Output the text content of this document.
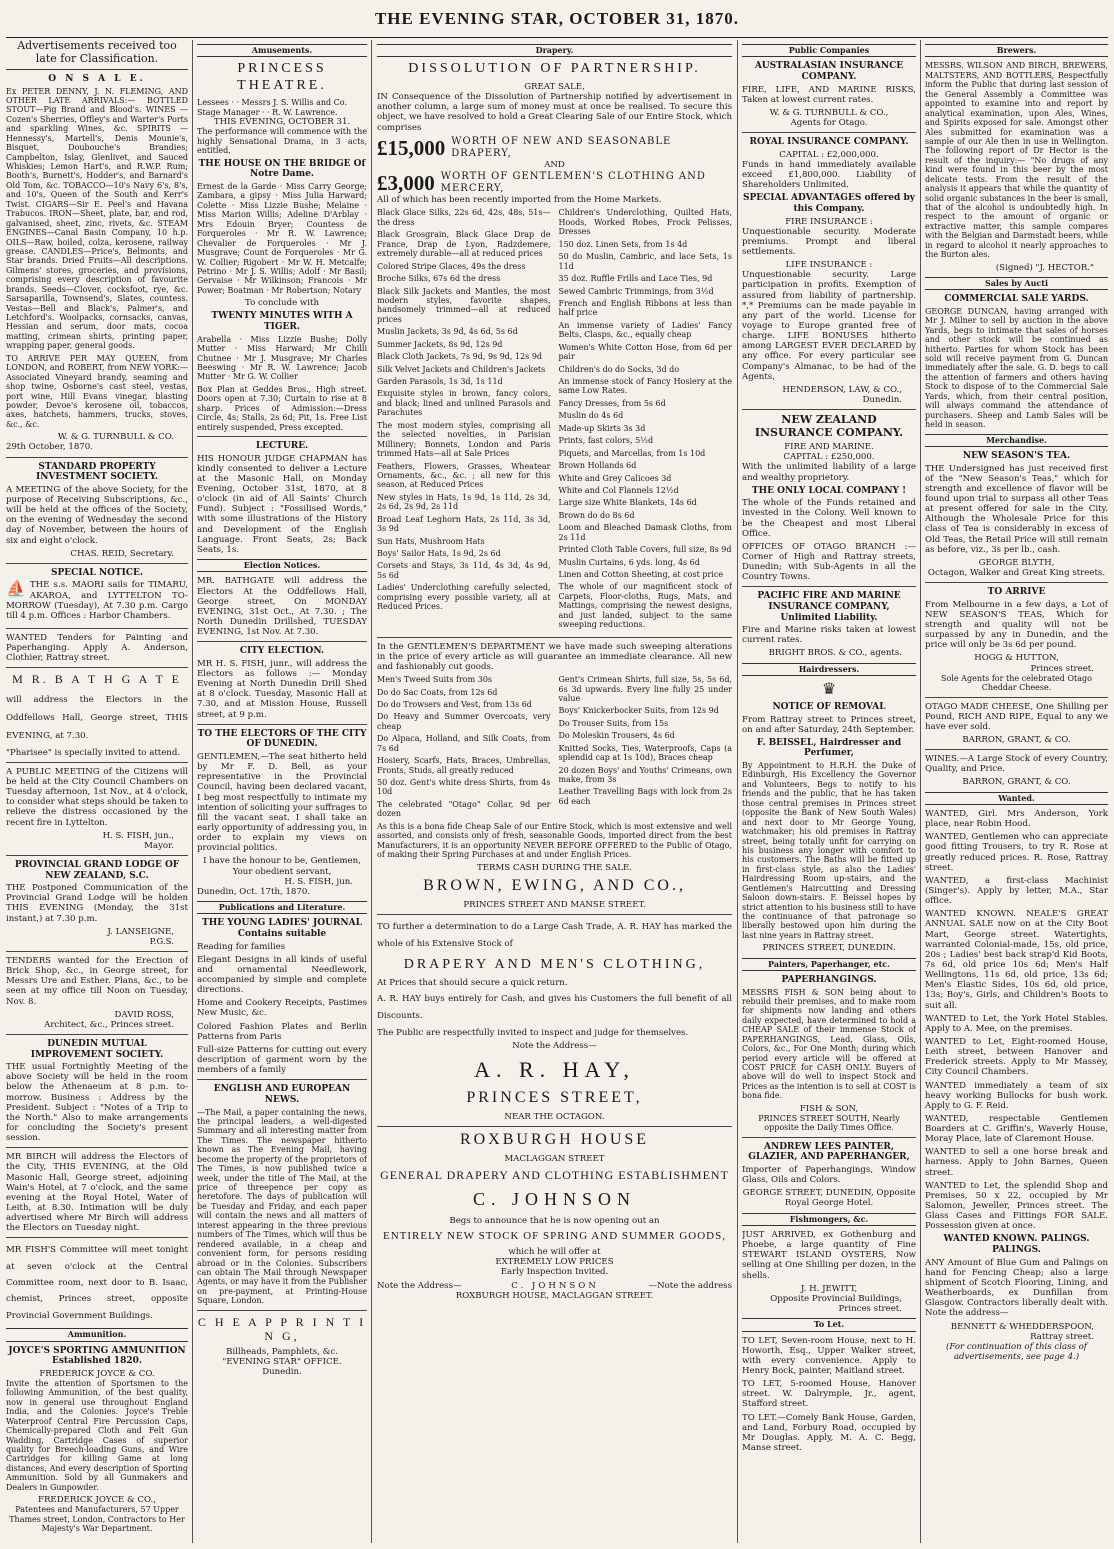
THE EVENING STAR, OCTOBER 31, 1870.
Advertisements received too late for Classification.
O N S A L E.

Ex PETER DENNY, J. N. FLEMING, AND OTHER LATE ARRIVALS:— BOTTLED STOUT—Pig Brand and Blood's. WINES — Cozen's Sherries, Offley's and Warter's Ports and sparkling Wines, &c. SPIRITS — Hennessy's, Martell's, Denis Mounie's, Bisquet, Doubouche's Brandies; Campbelton, Islay, Glenlivet, and Sauced Whiskies; Lemon Hart's, and R.W.P. Rum; Booth's, Burnett's, Hodder's, and Barnard's Old Tom, &c. TOBACCO—10's Navy 6's, 8's, and 10's, Queen of the South and Kerr's Twist. CIGARS—Sir E. Peel's and Havana Trabucos. IRON—Sheet, plate, bar, and rod, galvanised, sheet, zinc, rivets, &c. STEAM ENGINES—Canal Basin Company, 10 h.p. OILS—Raw, boiled, colza, kerosene, railway grease. CANDLES—Price's, Belmonts, and Star brands. Dried Fruits—All descriptions. Gilmens' stores, groceries, and provisions, comprising every description of favourite brands. Seeds—Clover, cocksfoot, rye, &c. Sarsaparilla, Townsend's, Slates, countess. Vestas—Bell and Black's, Palmer's, and Letchford's. Woolpacks, cornsacks, canvas, Hessian and serum, door mats, cocoa matting, crimean shirts, printing paper, wrapping paper, general goods.

TO ARRIVE PER MAY QUEEN, from LONDON, and ROBERT, from NEW YORK:— Associated Vineyard brandy, seaming and shop twine, Osborne's cast steel, vestas, port wine, Hill Evans vinegar, blasting powder, Devoe's kerosene oil, tobaccos, axes, hatchets, hammers, trucks, stoves, &c., &c.

W. & G. TURNBULL & CO.
29th October, 1870.
STANDARD PROPERTY INVESTMENT SOCIETY.

A MEETING of the above Society, for the purpose of Receiving Subscriptions, &c., will be held at the offices of the Society, on the evening of Wednesday the second day of November, between the hours of six and eight o'clock.

CHAS. REID, Secretary.
SPECIAL NOTICE.

⛵ THE s.s. MAORI sails for TIMARU, AKAROA, and LYTTELTON TO-MORROW (Tuesday), At 7.30 p.m. Cargo till 4 p.m. Offices : Harbor Chambers.

WANTED Tenders for Painting and Paperhanging. Apply A. Anderson, Clothier, Rattray street.

M R. B A T H G A T E

will address the Electors in the Oddfellows Hall, George street, THIS EVENING, at 7.30.

"Pharisee" is specially invited to attend.

A PUBLIC MEETING of the Citizens will be held at the City Council Chambers on Tuesday afternoon, 1st Nov., at 4 o'clock, to consider what steps should be taken to relieve the distress occasioned by the recent fire in Lyttelton.

H. S. FISH, jun.,
Mayor.
PROVINCIAL GRAND LODGE OF NEW ZEALAND, S.C.

THE Postponed Communication of the Provincial Grand Lodge will be holden THIS EVENING (Monday, the 31st instant,) at 7.30 p.m.

J. LANSEIGNE,
P.G.S.

TENDERS wanted for the Erection of Brick Shop, &c., in George street, for Messrs Ure and Esther. Plans, &c., to be seen at my office till Noon on Tuesday, Nov. 8.

DAVID ROSS,
Architect, &c., Princes street.
DUNEDIN MUTUAL IMPROVEMENT SOCIETY.

THE usual Fortnightly Meeting of the above Society will be held in the room below the Athenaeum at 8 p.m. to-morrow. Business : Address by the President. Subject : "Notes of a Trip to the North." Also to make arrangements for concluding the Society's present session.

MR BIRCH will address the Electors of the City, THIS EVENING, at the Old Masonic Hall, George street, adjoining Wain's Hotel, at 7 o'clock, and the same evening at the Royal Hotel, Water of Leith, at 8.30. Intimation will be duly advertised where Mr Birch will address the Electors on Tuesday night.

MR FISH'S Committee will meet tonight at seven o'clock at the Central Committee room, next door to B. Isaac, chemist, Princes street, opposite Provincial Government Buildings.

Ammunition.
JOYCE'S SPORTING AMMUNITION Established 1820.
FREDERICK JOYCE & CO.

Invite the attention of Sportsmen to the following Ammunition, of the best quality, now in general use throughout England India, and the Colonies. Joyce's Treble Waterproof Central Fire Percussion Caps, Chemically-prepared Cloth and Felt Gun Wadding, Cartridge Cases of superior quality for Breech-loading Guns, and Wire Cartridges for killing Game at long distances, And every description of Sporting Ammunition. Sold by all Gunmakers and Dealers in Gunpowder.

FREDERICK JOYCE & CO.,
Patentees and Manufacturers, 57 Upper Thames street, London, Contractors to Her Majesty's War Department.
Amusements.
PRINCESS THEATRE.
Lessees · · Messrs J. S. Willis and Co. Stage Manager · · R. W. Lawrence.
THIS EVENING, OCTOBER 31.

The performance will commence with the highly Sensational Drama, in 3 acts, entitled,

THE HOUSE ON THE BRIDGE Of Notre Dame.

Ernest de la Garde · Miss Carry George; Zambara, a gipsy · Miss Julia Harward; Colette · Miss Lizzie Bushe; Melaine · Miss Marion Willis; Adeline D'Arblay · Mrs Edouin Bryer; Countess de Forqueroles · Mr R. W. Lawrence; Chevalier de Forqueroles · Mr J. Musgrave; Count de Forqueroles · Mr G. W. Collier; Rigobert · Mr W. H. Metcalfe; Petrino · Mr J. S. Willis; Adolf · Mr Basil; Gervaise · Mr Wilkinson; Francois · Mr Power; Boatman · Mr Robertson; Notary

To conclude with
TWENTY MINUTES WITH A TIGER.

Arabella · Miss Lizzie Bushe; Dolly Mutter · Miss Harward; Mr Chilli Chutnee · Mr J. Musgrave; Mr Charles Beeswing · Mr R. W. Lawrence; Jacob Mutter · Mr G. W. Collier

Box Plan at Geddes Bros., High street. Doors open at 7.30; Curtain to rise at 8 sharp. Prices of Admission:—Dress Circle, 4s; Stalls, 2s 6d; Pit, 1s. Free List entirely suspended, Press excepted.

LECTURE.

HIS HONOUR JUDGE CHAPMAN has kindly consented to deliver a Lecture at the Masonic Hall, on Monday Evening, October 31st, 1870, at 8 o'clock (in aid of All Saints' Church Fund). Subject : "Fossilised Words," with some illustrations of the History and Development of the English Language. Front Seats, 2s; Back Seats, 1s.

Election Notices.

MR. BATHGATE will address the Electors At the Oddfellows Hall, George street, On MONDAY EVENING, 31st Oct., At 7.30. ; The North Dunedin Drillshed, TUESDAY EVENING, 1st Nov. At 7.30.

CITY ELECTION.

MR H. S. FISH, junr., will address the Electors as follows :— Monday Evening at North Dunedin Drill Shed at 8 o'clock. Tuesday, Masonic Hall at 7.30, and at Mission House, Russell street, at 9 p.m.

TO THE ELECTORS OF THE CITY OF DUNEDIN.

GENTLEMEN,—The seat hitherto held by Mr F. D. Bell, as your representative in the Provincial Council, having been declared vacant, I beg most respectfully to intimate my intention of soliciting your suffrages to fill the vacant seat. I shall take an early opportunity of addressing you, in order to explain my views on provincial politics.

I have the honour to be, Gentlemen, Your obedient servant,
H. S. FISH, jun.
Dunedin, Oct. 17th, 1870.
Publications and Literature.
THE YOUNG LADIES' JOURNAL Contains suitable

Reading for families

Elegant Designs in all kinds of useful and ornamental Needlework, accompanied by simple and complete directions.

Home and Cookery Receipts, Pastimes New Music, &c.

Colored Fashion Plates and Berlin Patterns from Paris

Full-size Patterns for cutting out every description of garment worn by the members of a family

ENGLISH AND EUROPEAN NEWS.

—The Mail, a paper containing the news, the principal leaders, a well-digested Summary and all interesting matter from The Times. The newspaper hitherto known as The Evening Mail, having become the property of the proprietors of The Times, is now published twice a week, under the title of The Mail, at the price of threepence per copy as heretofore. The days of publication will be Tuesday and Friday, and each paper will contain the news and all matters of interest appearing in the three previous numbers of The Times, which will thus be rendered available, in a cheap and convenient form, for persons residing abroad or in the Colonies. Subscribers can obtain The Mail through Newspaper Agents, or may have it from the Publisher on pre-payment, at Printing-House Square, London.

C H E A P P R I N T I N G,
Billheads, Pamphlets, &c.
"EVENING STAR" OFFICE.
Dunedin.
Drapery.
DISSOLUTION OF PARTNERSHIP.
GREAT SALE,

IN Consequence of the Dissolution of Partnership notified by advertisement in another column, a large sum of money must at once be realised. To secure this object, we have resolved to hold a Great Clearing Sale of our Entire Stock, which comprises

£15,000 WORTH OF NEW AND SEASONABLE DRAPERY,
AND
£3,000 WORTH OF GENTLEMEN'S CLOTHING AND MERCERY,

All of which has been recently imported from the Home Markets.

Black Glace Silks, 22s 6d, 42s, 48s, 51s—the dress

Black Grosgrain, Black Glace Drap de France, Drap de Lyon, Radzdemere, extremely durable—all at reduced prices

Colored Stripe Glaces, 49s the dress

Broche Silks, 67s 6d the dress

Black Silk Jackets and Mantles, the most modern styles, favorite shapes, handsomely trimmed—all at reduced prices

Muslin Jackets, 3s 9d, 4s 6d, 5s 6d

Summer Jackets, 8s 9d, 12s 9d

Black Cloth Jackets, 7s 9d, 9s 9d, 12s 9d

Silk Velvet Jackets and Children's Jackets

Garden Parasols, 1s 3d, 1s 11d

Exquisite styles in brown, fancy colors, and black; lined and unlined Parasols and Parachutes

The most modern styles, comprising all the selected novelties, in Parisian Millinery; Bonnets, London and Paris trimmed Hats—all at Sale Prices

Feathers, Flowers, Grasses, Wheatear Ornaments, &c., &c. ; all new for this season, at Reduced Prices

New styles in Hats, 1s 9d, 1s 11d, 2s 3d, 2s 6d, 2s 9d, 2s 11d

Broad Leaf Leghorn Hats, 2s 11d, 3s 3d, 3s 9d

Sun Hats, Mushroom Hats

Boys' Sailor Hats, 1s 9d, 2s 6d

Corsets and Stays, 3s 11d, 4s 3d, 4s 9d, 5s 6d

Ladies' Underclothing carefully selected, comprising every possible variety, all at Reduced Prices.

Children's Underclothing, Quilted Hats, Hoods, Worked Robes, Frock Pelisses, Dresses

150 doz. Linen Sets, from 1s 4d

50 do Muslin, Cambric, and lace Sets, 1s 11d

35 doz. Ruffle Frills and Lace Ties, 9d

Sewed Cambric Trimmings, from 3½d

French and English Ribbons at less than half price

An immense variety of Ladies' Fancy Belts, Clasps, &c., equally cheap

Women's White Cotton Hose, from 6d per pair

Children's do do Socks, 3d do

An immense stock of Fancy Hosiery at the same Low Rates.

Fancy Dresses, from 5s 6d

Muslin do 4s 6d

Made-up Skirts 3s 3d

Prints, fast colors, 5½d

Piquets, and Marcellas, from 1s 10d

Brown Hollands 6d

White and Grey Calicoes 3d

White and Col Flannels 12½d

Large size White Blankets, 14s 6d

Brown do do 8s 6d

Loom and Bleached Damask Cloths, from 2s 11d

Printed Cloth Table Covers, full size, 8s 9d

Muslin Curtains, 6 yds. long, 4s 6d

Linen and Cotton Sheeting, at cost price

The whole of our magnificent stock of Carpets, Floor-cloths, Rugs, Mats, and Mattings, comprising the newest designs, and just landed, subject to the same sweeping reductions.

In the GENTLEMEN'S DEPARTMENT we have made such sweeping alterations in the price of every article as will guarantee an immediate clearance. All new and fashionably cut goods.

Men's Tweed Suits from 30s

Do do Sac Coats, from 12s 6d

Do do Trowsers and Vest, from 13s 6d

Do Heavy and Summer Overcoats, very cheap

Do Alpaca, Holland, and Silk Coats, from 7s 6d

Hosiery, Scarfs, Hats, Braces, Umbrellas, Fronts, Studs, all greatly reduced

50 doz. Gent's white dress Shirts, from 4s 10d

The celebrated "Otago" Collar, 9d per dozen

Gent's Crimean Shirts, full size, 5s, 5s 6d, 6s 3d upwards. Every line fully 25 under value

Boys' Knickerbocker Suits, from 12s 9d

Do Trouser Suits, from 15s

Do Moleskin Trousers, 4s 6d

Knitted Socks, Ties, Waterproofs, Caps (a splendid cap at 1s 10d), Braces cheap

20 dozen Boys' and Youths' Crimeans, own make, from 3s

Leather Travelling Bags with lock from 2s 6d each

As this is a bona fide Cheap Sale of our Entire Stock, which is most extensive and well assorted, and consists only of fresh, seasonable Goods, imported direct from the best Manufacturers, it is an opportunity NEVER BEFORE OFFERED to the Public of Otago, of making their Spring Purchases at and under English Prices.

TERMS CASH DURING THE SALE.
BROWN, EWING, AND CO.,
PRINCES STREET AND MANSE STREET.

TO further a determination to do a Large Cash Trade, A. R. HAY has marked the whole of his Extensive Stock of

DRAPERY AND MEN'S CLOTHING,

At Prices that should secure a quick return.

A. R. HAY buys entirely for Cash, and gives his Customers the full benefit of all Discounts.

The Public are respectfully invited to inspect and judge for themselves.

Note the Address—
A. R. HAY,
PRINCES STREET,
NEAR THE OCTAGON.
ROXBURGH HOUSE
MACLAGGAN STREET
GENERAL DRAPERY AND CLOTHING ESTABLISHMENT
C. JOHNSON
Begs to announce that he is now opening out an
ENTIRELY NEW STOCK OF SPRING AND SUMMER GOODS,
which he will offer at
EXTREMELY LOW PRICES
Early Inspection Invited.
Note the Address—	C. JOHNSON	—Note the address
ROXBURGH HOUSE, MACLAGGAN STREET.
Public Companies
AUSTRALASIAN INSURANCE COMPANY.

FIRE, LIFE, AND MARINE RISKS, Taken at lowest current rates.

W. & G. TURNBULL & CO.,
Agents for Otago.
ROYAL INSURANCE COMPANY.
CAPITAL : £2,000,000.

Funds in hand immediately available exceed £1,800,000. Liability of Shareholders Unlimited.

SPECIAL ADVANTAGES offered by this Company.
FIRE INSURANCE :

Unquestionable security. Moderate premiums. Prompt and liberal settlements.

LIFE INSURANCE :

Unquestionable security. Large participation in profits. Exemption of assured from liability of partnership. *,* Premiums can be made payable in any part of the world. License for voyage to Europe granted free of charge. LIFE BONUSES hitherto among LARGEST EVER DECLARED by any office. For every particular see Company's Almanac, to be had of the Agents,

HENDERSON, LAW, & CO.,
Dunedin.
NEW ZEALAND INSURANCE COMPANY.
FIRE AND MARINE.
CAPITAL : £250,000.

With the unlimited liability of a large and wealthy proprietory.

THE ONLY LOCAL COMPANY !

The whole of the Funds retained and invested in the Colony. Well known to be the Cheapest and most Liberal Office.

OFFICES OF OTAGO BRANCH :—Corner of High and Rattray streets, Dunedin; with Sub-Agents in all the Country Towns.

PACIFIC FIRE AND MARINE INSURANCE COMPANY, Unlimited Liability.

Fire and Marine risks taken at lowest current rates.

BRIGHT BROS. & CO., agents.
Hairdressers.
♛
NOTICE OF REMOVAL

From Rattray street to Princes street, on and after Saturday, 24th September.

F. BEISSEL, Hairdresser and Perfumer,

By Appointment to H.R.H. the Duke of Edinburgh, His Excellency the Governor and Volunteers, Begs to notify to his friends and the public, that he has taken those central premises in Princes street (opposite the Bank of New South Wales) and next door to Mr George Young, watchmaker; his old premises in Rattray street, being totally unfit for carrying on his business any longer with comfort to his customers. The Baths will be fitted up in first-class style, as also the Ladies' Hairdressing Room up-stairs, and the Gentlemen's Haircutting and Dressing Saloon down-stairs. F. Beissel hopes by strict attention to his business still to have the continuance of that patronage so liberally bestowed upon him during the last nine years in Rattray street.

PRINCES STREET, DUNEDIN.
Painters, Paperhanger, etc.
PAPERHANGINGS.

MESSRS FISH & SON being about to rebuild their premises, and to make room for shipments now landing and others daily expected, have determined to hold a CHEAP SALE of their immense Stock of PAPERHANGINGS, Lead, Glass, Oils, Colors, &c., For One Month; during which period every article will be offered at COST PRICE for CASH ONLY. Buyers of above will do well to inspect Stock and Prices as the intention is to sell at COST is bona fide.

FISH & SON,
PRINCES STREET SOUTH, Nearly opposite the Daily Times Office.
ANDREW LEES PAINTER, GLAZIER, AND PAPERHANGER,

Importer of Paperhangings, Window Glass, Oils and Colors.

GEORGE STREET, DUNEDIN, Opposite Royal George Hotel.
Fishmongers, &c.

JUST ARRIVED, ex Gothenburg and Phoebe, a large quantity of Fine STEWART ISLAND OYSTERS, Now selling at One Shilling per dozen, in the shells.

J. H. JEWITT,
Opposite Provincial Buildings, Princes street.
To Let.

TO LET, Seven-room House, next to H. Howorth, Esq., Upper Walker street, with every convenience. Apply to Henry Bock, painter, Maitland street.

TO LET, 5-roomed House, Hanover street. W. Dalrymple, Jr., agent, Stafford street.

TO LET.—Comely Bank House, Garden, and Land, Forbury Road, occupied by Mr Douglas. Apply, M. A. C. Begg, Manse street.

Brewers.

MESSRS. WILSON AND BIRCH, BREWERS, MALTSTERS, AND BOTTLERS, Respectfully inform the Public that during last session of the General Assembly a Committee was appointed to examine into and report by analytical examination, upon Ales, Wines, and Spirits exposed for sale. Amongst other Ales submitted for examination was a sample of our Ale then in use in Wellington. The following report of Dr Hector is the result of the inquiry:— "No drugs of any kind were found in this beer by the most delicate tests. From the result of the analysis it appears that while the quantity of solid organic substances in the beer is small, that of the alcohol is undoubtedly high. In respect to the amount of organic or extractive matter, this sample compares with the Belgian and Darmstadt beers, while in regard to alcohol it nearly approaches to the Burton ales.

(Signed) "J. HECTOR."
Sales by Aucti
COMMERCIAL SALE YARDS.

GEORGE DUNCAN, having arranged with Mr J. Milner to sell by auction in the above Yards, begs to intimate that sales of horses and other stock will be continued as hitherto. Parties for whom Stock has been sold will receive payment from G. Duncan immediately after the sale. G. D. begs to call the attention of farmers and others having Stock to dispose of to the Commercial Sale Yards, which, from their central position, will always command the attendance of purchasers. Sheep and Lamb Sales will be held in season.

Merchandise.
NEW SEASON'S TEA.

THE Undersigned has just received first of the "New Season's Teas," which for strength and excellence of flavor will be found upon trial to surpass all other Teas at present offered for sale in the City. Although the Wholesale Price for this class of Tea is considerably in excess of Old Teas, the Retail Price will still remain as before, viz., 3s per lb., cash.

GEORGE BLYTH,
Octagon, Walker and Great King streets.
TO ARRIVE

From Melbourne in a few days, a Lot of NEW SEASON'S TEAS, Which for strength and quality will not be surpassed by any in Dunedin, and the price will only be 3s 6d per pound.

HOGG & HUTTON,
Princes street.
Sole Agents for the celebrated Otago Cheddar Cheese.

OTAGO MADE CHEESE, One Shilling per Pound, RICH AND RIPE, Equal to any we have ever sold.

BARRON, GRANT, & CO.

WINES.—A Large Stock of every Country, Quality, and Price.

BARRON, GRANT, & CO.
Wanted.

WANTED, Girl. Mrs Anderson, York place, near Robin Hood.

WANTED, Gentlemen who can appreciate good fitting Trousers, to try R. Rose at greatly reduced prices. R. Rose, Rattray street.

WANTED, a first-class Machinist (Singer's). Apply by letter, M.A., Star office.

WANTED KNOWN. NEALE'S GREAT ANNUAL SALE now on at the City Boot Mart, George street. Watertights, warranted Colonial-made, 15s, old price, 20s ; Ladies' best back strap'd Kid Boots, 7s 6d, old price 10s 6d; Men's Half Wellingtons, 11s 6d, old price, 13s 6d; Men's Elastic Sides, 10s 6d, old price, 13s; Boy's, Girls, and Children's Boots to suit all.

WANTED to Let, the York Hotel Stables. Apply to A. Mee, on the premises.

WANTED to Let, Eight-roomed House, Leith street, between Hanover and Frederick streets. Apply to Mr Massey, City Council Chambers.

WANTED immediately a team of six heavy working Bullocks for bush work. Apply to G. F. Reid.

WANTED, respectable Gentlemen Boarders at C. Griffin's, Waverly House, Moray Place, late of Claremont House.

WANTED to sell a one horse break and harness. Apply to John Barnes, Queen street.

WANTED to Let, the splendid Shop and Premises, 50 x 22, occupied by Mr Salomon, Jeweller, Princes street. The Glass Cases and Fittings FOR SALE. Possession given at once.

WANTED KNOWN. PALINGS. PALINGS.

ANY Amount of Blue Gum and Palings on hand for Fencing Cheap; also a large shipment of Scotch Flooring, Lining, and Weatherboards, ex Dunfillan from Glasgow. Contractors liberally dealt with. Note the address—

BENNETT & WHEDDERSPOON, Rattray street.
(For continuation of this class of advertisements, see page 4.)
